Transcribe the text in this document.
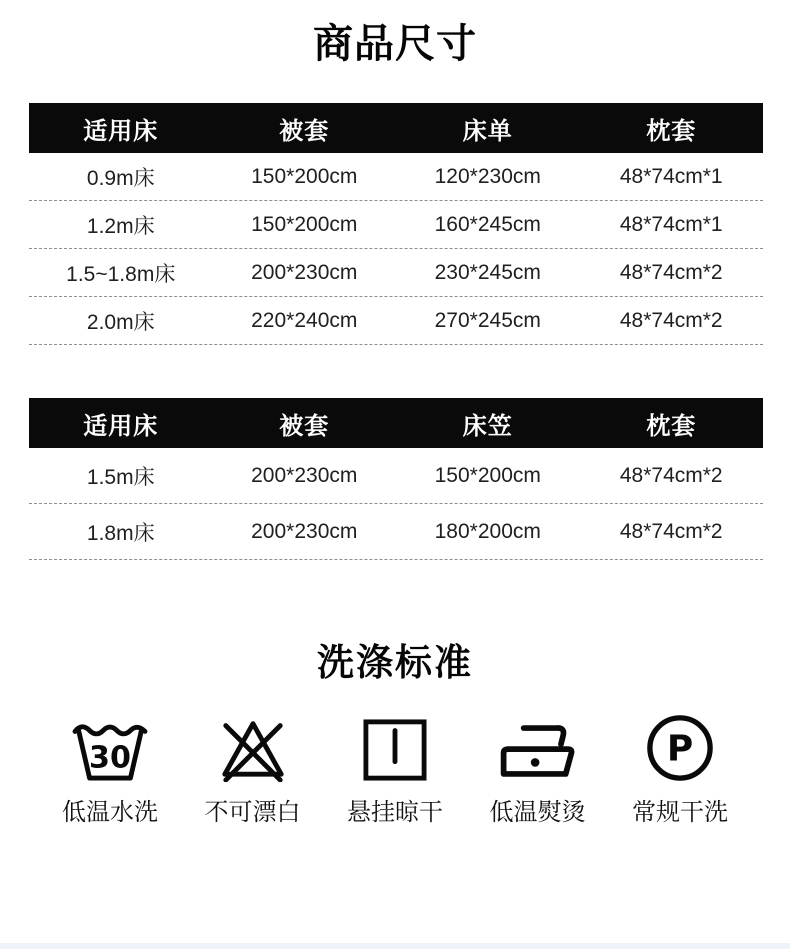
商品尺寸
适用床	被套	床单	枕套
0.9m床	150*200cm	120*230cm	48*74cm*1
1.2m床	150*200cm	160*245cm	48*74cm*1
1.5~1.8m床	200*230cm	230*245cm	48*74cm*2
2.0m床	220*240cm	270*245cm	48*74cm*2
适用床	被套	床笠	枕套
1.5m床	200*230cm	150*200cm	48*74cm*2
1.8m床	200*230cm	180*200cm	48*74cm*2
洗涤标准
30
低温水洗 不可漂白 悬挂晾干 低温熨烫
P
常规干洗
